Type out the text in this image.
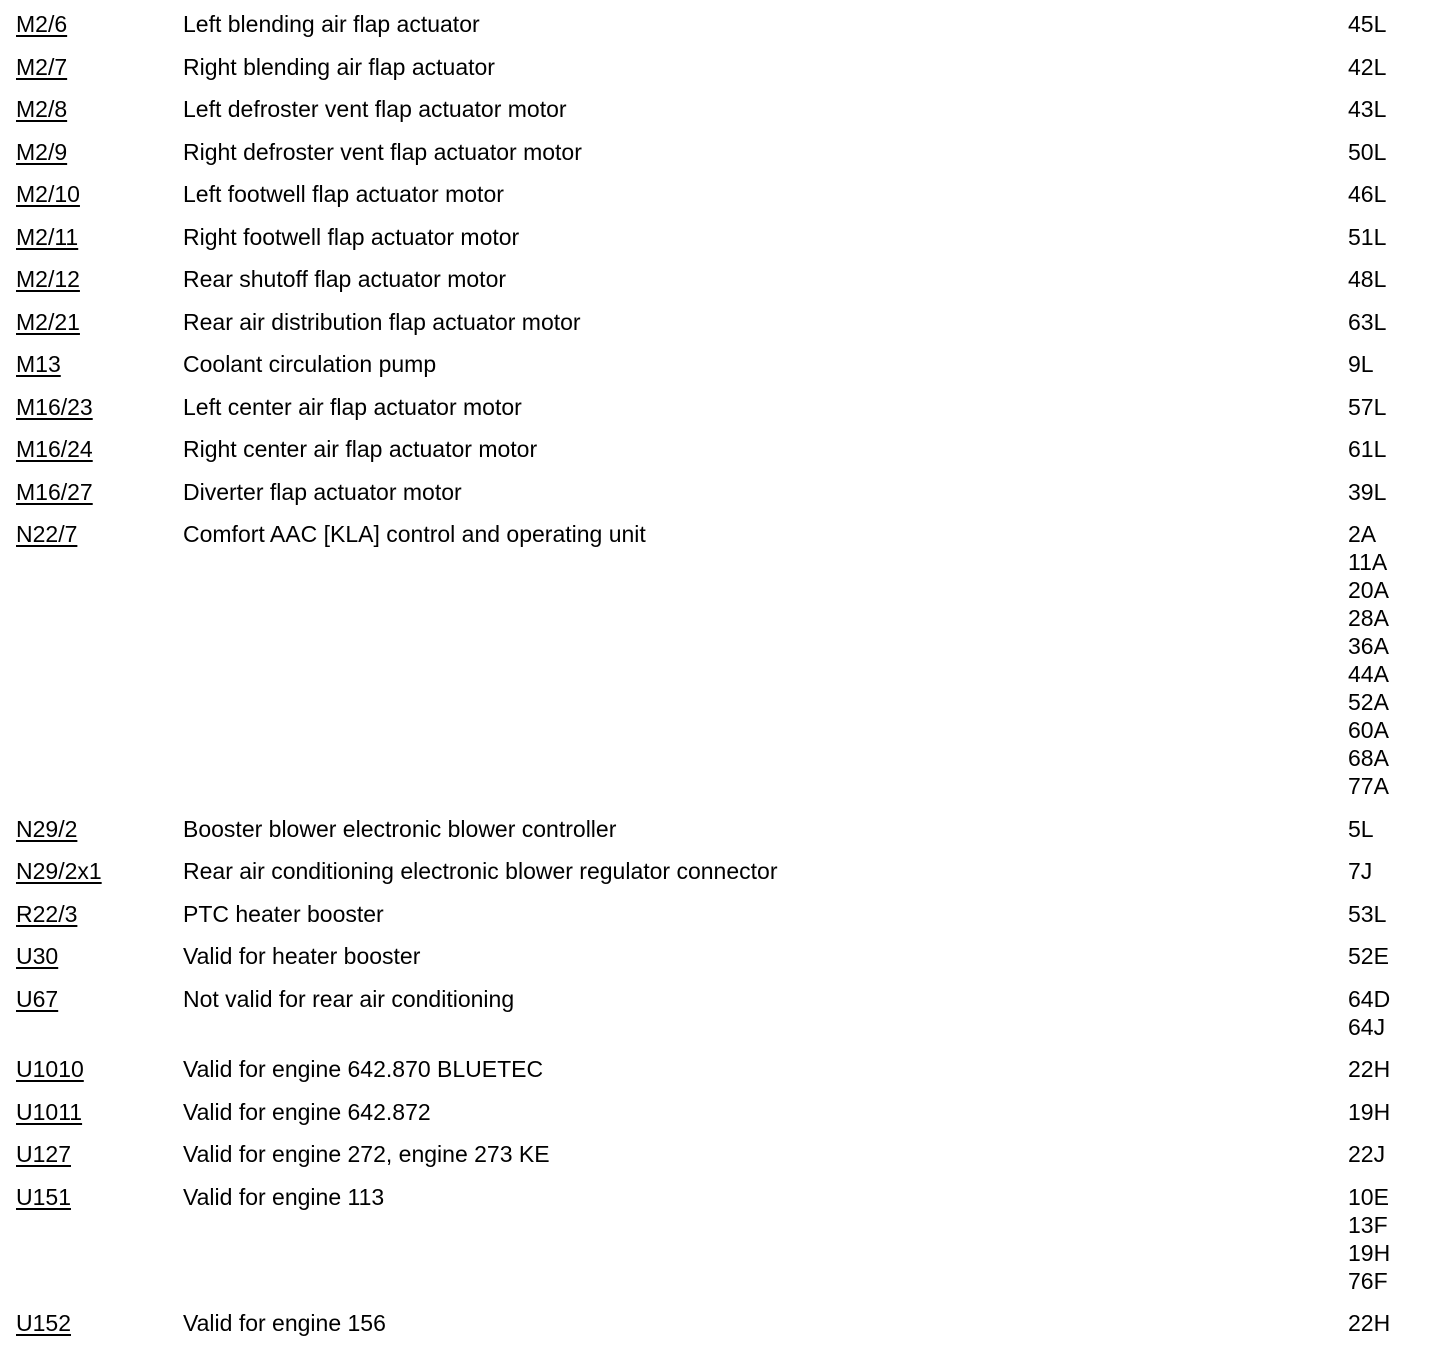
M2/6	Left blending air flap actuator	45L
M2/7	Right blending air flap actuator	42L
M2/8	Left defroster vent flap actuator motor	43L
M2/9	Right defroster vent flap actuator motor	50L
M2/10	Left footwell flap actuator motor	46L
M2/11	Right footwell flap actuator motor	51L
M2/12	Rear shutoff flap actuator motor	48L
M2/21	Rear air distribution flap actuator motor	63L
M13	Coolant circulation pump	9L
M16/23	Left center air flap actuator motor	57L
M16/24	Right center air flap actuator motor	61L
M16/27	Diverter flap actuator motor	39L
N22/7	Comfort AAC [KLA] control and operating unit	2A
11A
20A
28A
36A
44A
52A
60A
68A
77A
N29/2	Booster blower electronic blower controller	5L
N29/2x1	Rear air conditioning electronic blower regulator connector	7J
R22/3	PTC heater booster	53L
U30	Valid for heater booster	52E
U67	Not valid for rear air conditioning	64D
64J
U1010	Valid for engine 642.870 BLUETEC	22H
U1011	Valid for engine 642.872	19H
U127	Valid for engine 272, engine 273 KE	22J
U151	Valid for engine 113	10E
13F
19H
76F
U152	Valid for engine 156	22H
